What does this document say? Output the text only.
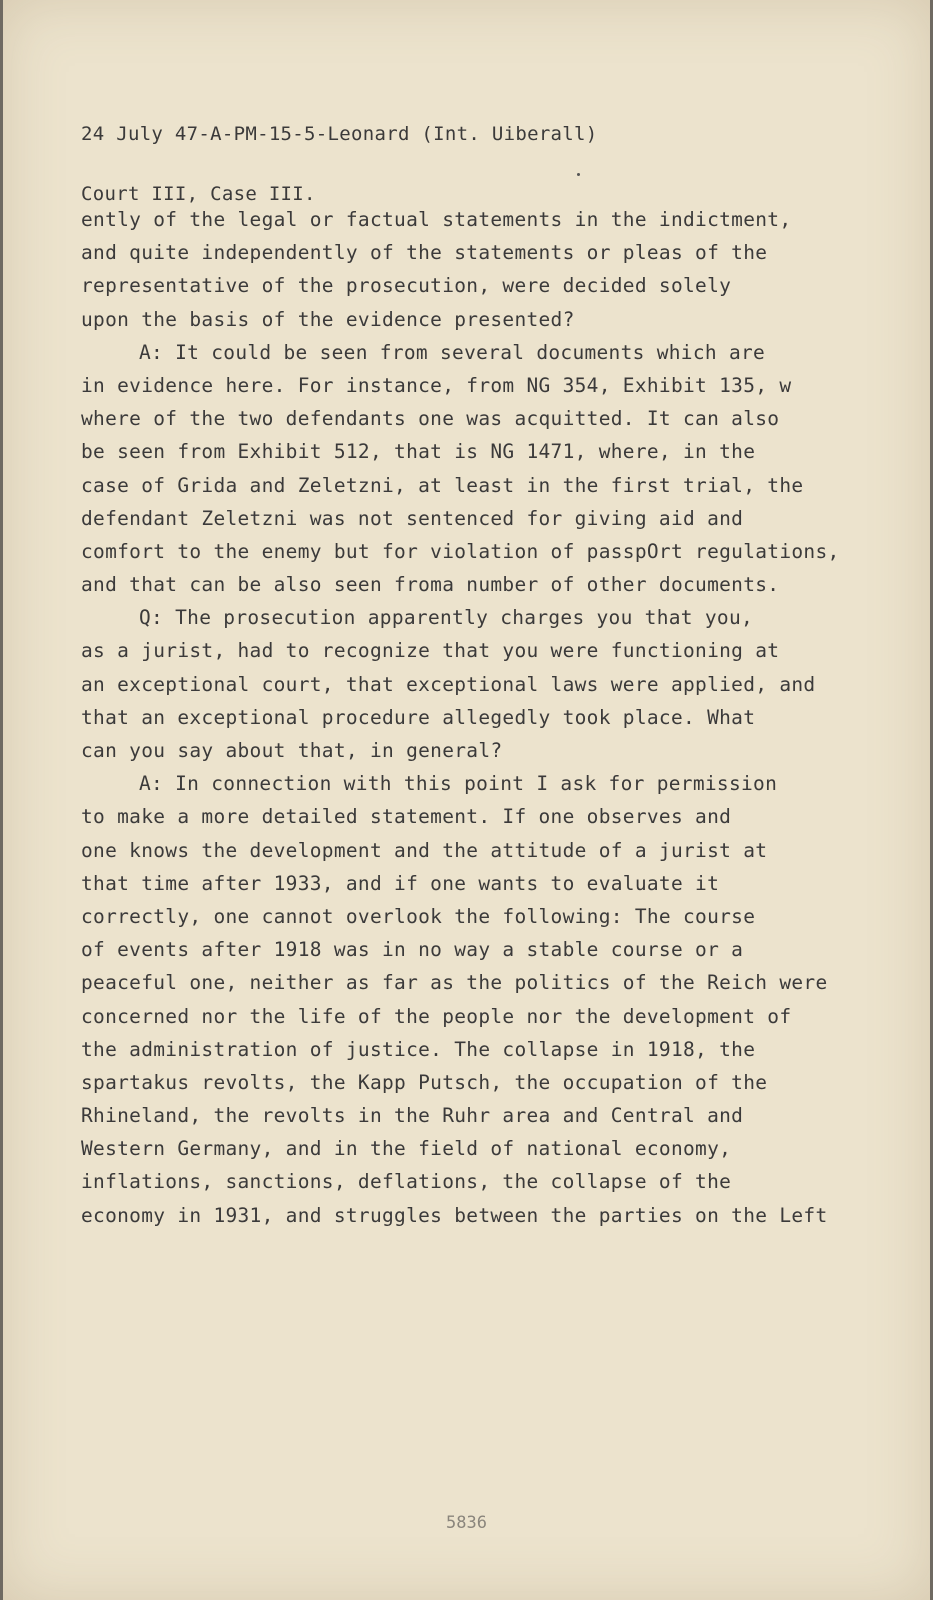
24 July 47-A-PM-15-5-Leonard (Int. Uiberall)

Court III, Case III.

ently of the legal or factual statements in the indictment,
and quite independently of the statements or pleas of the
representative of the prosecution, were decided solely
upon the basis of the evidence presented?
A: It could be seen from several documents which are
in evidence here. For instance, from NG 354, Exhibit 135, w
where of the two defendants one was acquitted. It can also
be seen from Exhibit 512, that is NG 1471, where, in the
case of Grida and Zeletzni, at least in the first trial, the
defendant Zeletzni was not sentenced for giving aid and
comfort to the enemy but for violation of passpOrt regulations,
and that can be also seen froma number of other documents.
Q: The prosecution apparently charges you that you,
as a jurist, had to recognize that you were functioning at
an exceptional court, that exceptional laws were applied, and
that an exceptional procedure allegedly took place. What
can you say about that, in general?
A: In connection with this point I ask for permission
to make a more detailed statement. If one observes and
one knows the development and the attitude of a jurist at
that time after 1933, and if one wants to evaluate it
correctly, one cannot overlook the following: The course
of events after 1918 was in no way a stable course or a
peaceful one, neither as far as the politics of the Reich were
concerned nor the life of the people nor the development of
the administration of justice. The collapse in 1918, the
spartakus revolts, the Kapp Putsch, the occupation of the
Rhineland, the revolts in the Ruhr area and Central and
Western Germany, and in the field of national economy,
inflations, sanctions, deflations, the collapse of the
economy in 1931, and struggles between the parties on the Left
5836
